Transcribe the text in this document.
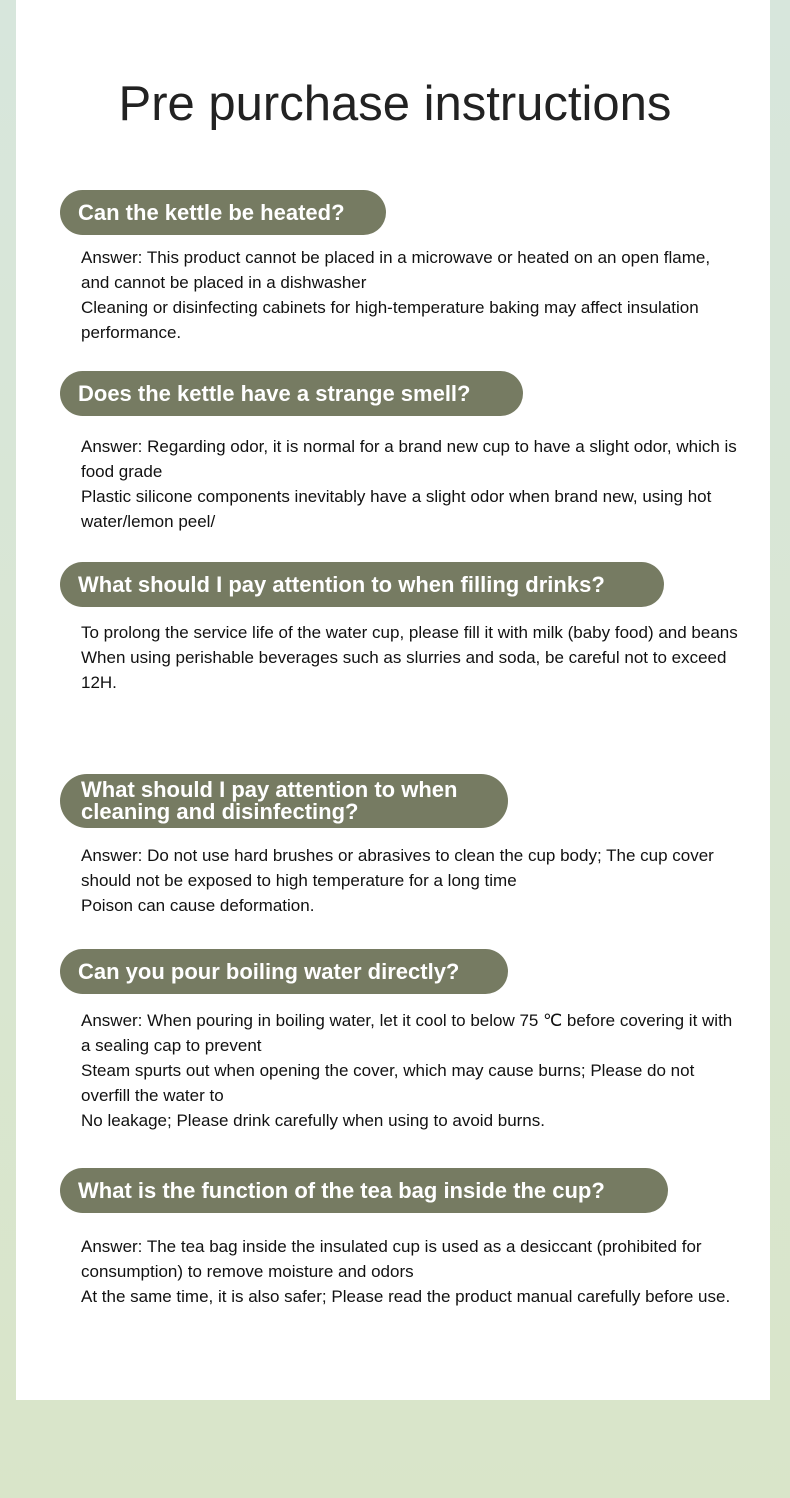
Pre purchase instructions
Can the kettle be heated?

Answer: This product cannot be placed in a microwave or heated on an open flame, and cannot be placed in a dishwasher

Cleaning or disinfecting cabinets for high-temperature baking may affect insulation performance.

Does the kettle have a strange smell?

Answer: Regarding odor, it is normal for a brand new cup to have a slight odor, which is food grade

Plastic silicone components inevitably have a slight odor when brand new, using hot water/lemon peel/

What should I pay attention to when filling drinks?

To prolong the service life of the water cup, please fill it with milk (baby food) and beans

When using perishable beverages such as slurries and soda, be careful not to exceed 12H.

What should I pay attention to when cleaning and disinfecting?

Answer: Do not use hard brushes or abrasives to clean the cup body; The cup cover should not be exposed to high temperature for a long time

Poison can cause deformation.

Can you pour boiling water directly?

Answer: When pouring in boiling water, let it cool to below 75 ℃ before covering it with a sealing cap to prevent

Steam spurts out when opening the cover, which may cause burns; Please do not overfill the water to

No leakage; Please drink carefully when using to avoid burns.

What is the function of the tea bag inside the cup?

Answer: The tea bag inside the insulated cup is used as a desiccant (prohibited for consumption) to remove moisture and odors

At the same time, it is also safer; Please read the product manual carefully before use.
